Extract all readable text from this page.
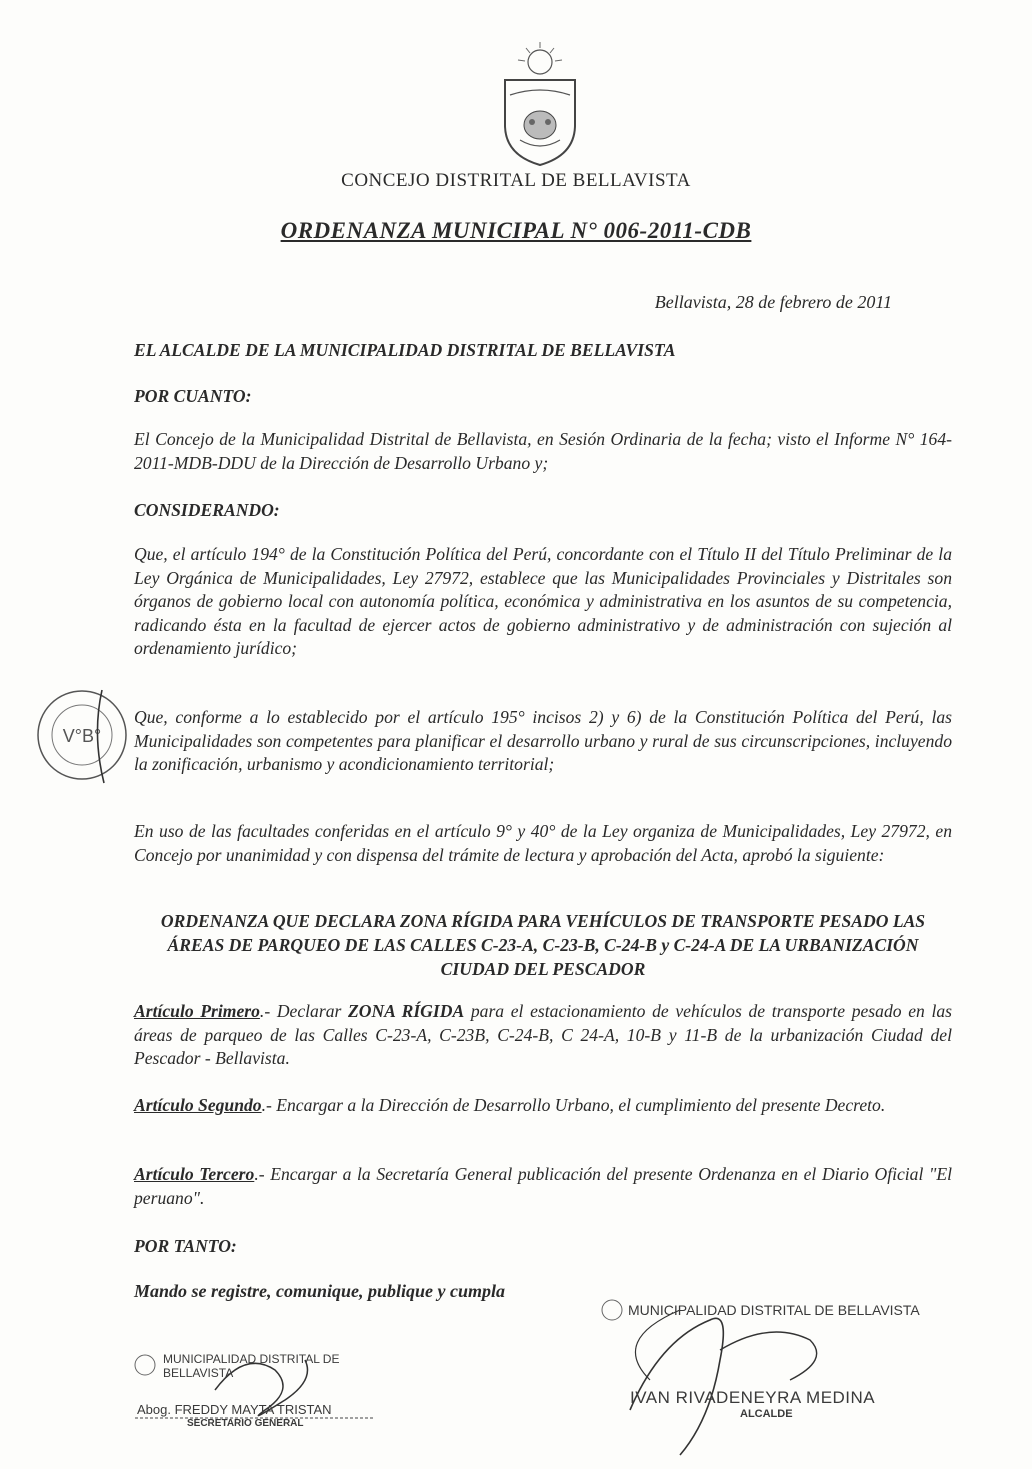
CONCEJO DISTRITAL DE BELLAVISTA
ORDENANZA MUNICIPAL N° 006-2011-CDB
Bellavista, 28 de febrero de 2011
EL ALCALDE DE LA MUNICIPALIDAD DISTRITAL DE BELLAVISTA
POR CUANTO:
El Concejo de la Municipalidad Distrital de Bellavista, en Sesión Ordinaria de la fecha; visto el Informe N° 164-2011-MDB-DDU de la Dirección de Desarrollo Urbano y;
CONSIDERANDO:
Que, el artículo 194° de la Constitución Política del Perú, concordante con el Título II del Título Preliminar de la Ley Orgánica de Municipalidades, Ley 27972, establece que las Municipalidades Provinciales y Distritales son órganos de gobierno local con autonomía política, económica y administrativa en los asuntos de su competencia, radicando ésta en la facultad de ejercer actos de gobierno administrativo y de administración con sujeción al ordenamiento jurídico;
Que, conforme a lo establecido por el artículo 195° incisos 2) y 6) de la Constitución Política del Perú, las Municipalidades son competentes para planificar el desarrollo urbano y rural de sus circunscripciones, incluyendo la zonificación, urbanismo y acondicionamiento territorial;
En uso de las facultades conferidas en el artículo 9° y 40° de la Ley organiza de Municipalidades, Ley 27972, en Concejo por unanimidad y con dispensa del trámite de lectura y aprobación del Acta, aprobó la siguiente:
ORDENANZA QUE DECLARA ZONA RÍGIDA PARA VEHÍCULOS DE TRANSPORTE PESADO LAS ÁREAS DE PARQUEO DE LAS CALLES C-23-A, C-23-B, C-24-B y C-24-A DE LA URBANIZACIÓN CIUDAD DEL PESCADOR
Artículo Primero.- Declarar ZONA RÍGIDA para el estacionamiento de vehículos de transporte pesado en las áreas de parqueo de las Calles C-23-A, C-23B, C-24-B, C 24-A, 10-B y 11-B de la urbanización Ciudad del Pescador - Bellavista.
Artículo Segundo.- Encargar a la Dirección de Desarrollo Urbano, el cumplimiento del presente Decreto.
Artículo Tercero.- Encargar a la Secretaría General publicación del presente Ordenanza en el Diario Oficial "El peruano".
POR TANTO:
Mando se registre, comunique, publique y cumpla
V°B°
MUNICIPALIDAD DISTRITAL DE BELLAVISTA
Abog. FREDDY MAYTA TRISTAN
SECRETARIO GENERAL
MUNICIPALIDAD DISTRITAL DE BELLAVISTA
IVAN RIVADENEYRA MEDINA
ALCALDE
